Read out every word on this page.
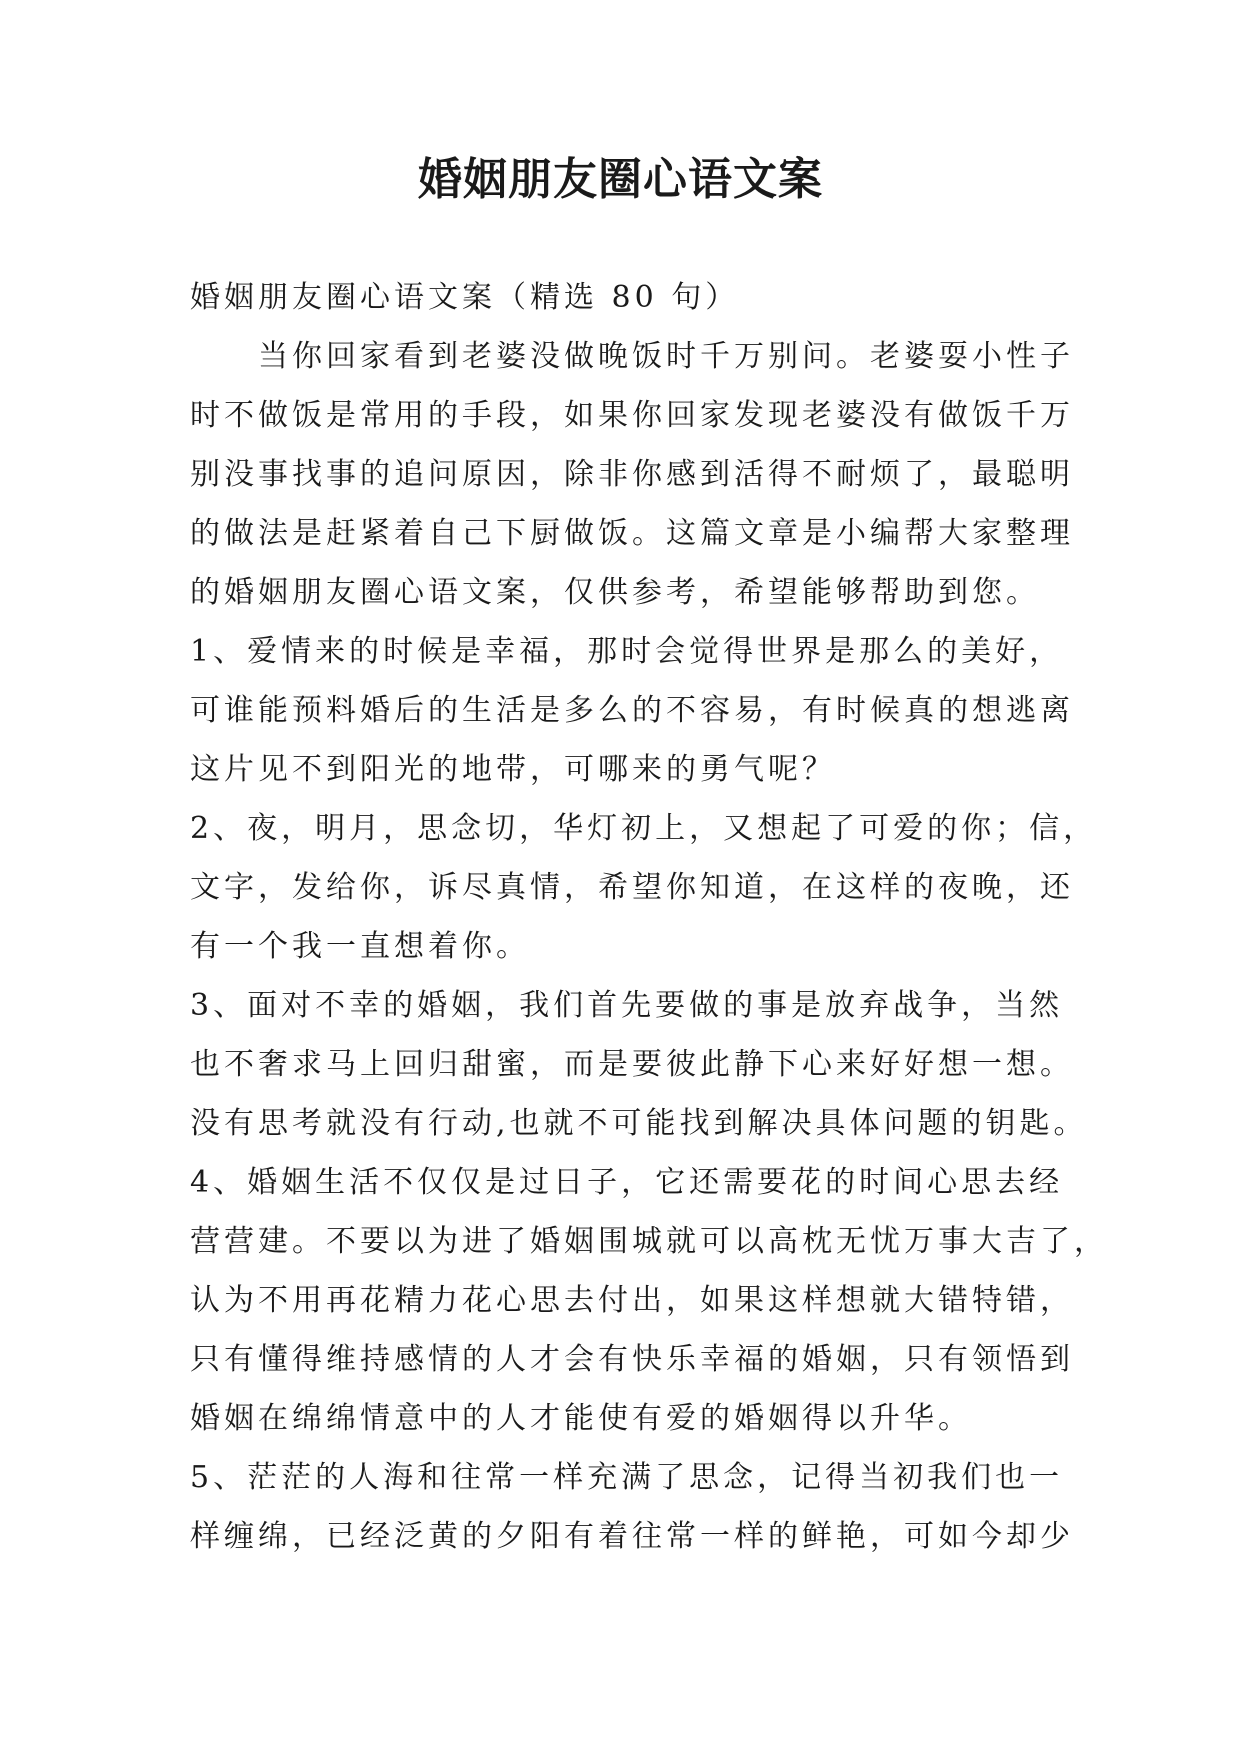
婚姻朋友圈心语文案
婚姻朋友圈心语文案（精选 80 句）
　　当你回家看到老婆没做晚饭时千万别问。老婆耍小性子
时不做饭是常用的手段，如果你回家发现老婆没有做饭千万
别没事找事的追问原因，除非你感到活得不耐烦了，最聪明
的做法是赶紧着自己下厨做饭。这篇文章是小编帮大家整理
的婚姻朋友圈心语文案，仅供参考，希望能够帮助到您。
1、爱情来的时候是幸福，那时会觉得世界是那么的美好，
可谁能预料婚后的生活是多么的不容易，有时候真的想逃离
这片见不到阳光的地带，可哪来的勇气呢？
2、夜，明月，思念切，华灯初上，又想起了可爱的你；信，
文字，发给你，诉尽真情，希望你知道，在这样的夜晚，还
有一个我一直想着你。
3、面对不幸的婚姻，我们首先要做的事是放弃战争，当然
也不奢求马上回归甜蜜，而是要彼此静下心来好好想一想。
没有思考就没有行动,也就不可能找到解决具体问题的钥匙。
4、婚姻生活不仅仅是过日子，它还需要花的时间心思去经
营营建。不要以为进了婚姻围城就可以高枕无忧万事大吉了，
认为不用再花精力花心思去付出，如果这样想就大错特错，
只有懂得维持感情的人才会有快乐幸福的婚姻，只有领悟到
婚姻在绵绵情意中的人才能使有爱的婚姻得以升华。
5、茫茫的人海和往常一样充满了思念，记得当初我们也一
样缠绵，已经泛黄的夕阳有着往常一样的鲜艳，可如今却少
